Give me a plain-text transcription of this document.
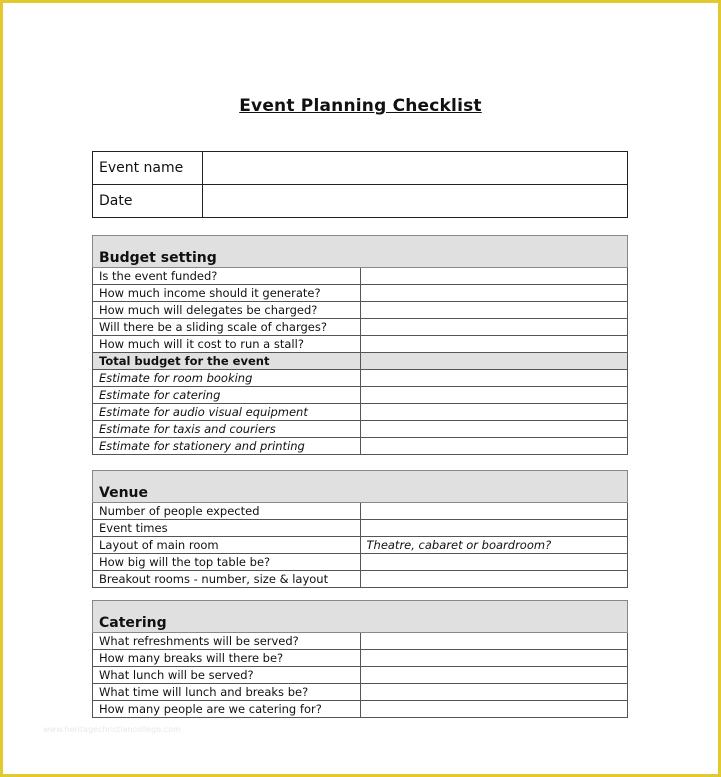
Event Planning Checklist
Event name	
Date	
Budget setting	
Is the event funded?	
How much income should it generate?	
How much will delegates be charged?	
Will there be a sliding scale of charges?	
How much will it cost to run a stall?	
Total budget for the event	
Estimate for room booking	
Estimate for catering	
Estimate for audio visual equipment	
Estimate for taxis and couriers	
Estimate for stationery and printing	
Venue	
Number of people expected	
Event times	
Layout of main room	Theatre, cabaret or boardroom?
How big will the top table be?	
Breakout rooms - number, size & layout	
Catering	
What refreshments will be served?	
How many breaks will there be?	
What lunch will be served?	
What time will lunch and breaks be?	
How many people are we catering for?	
www.heritagechristiancollege.com
